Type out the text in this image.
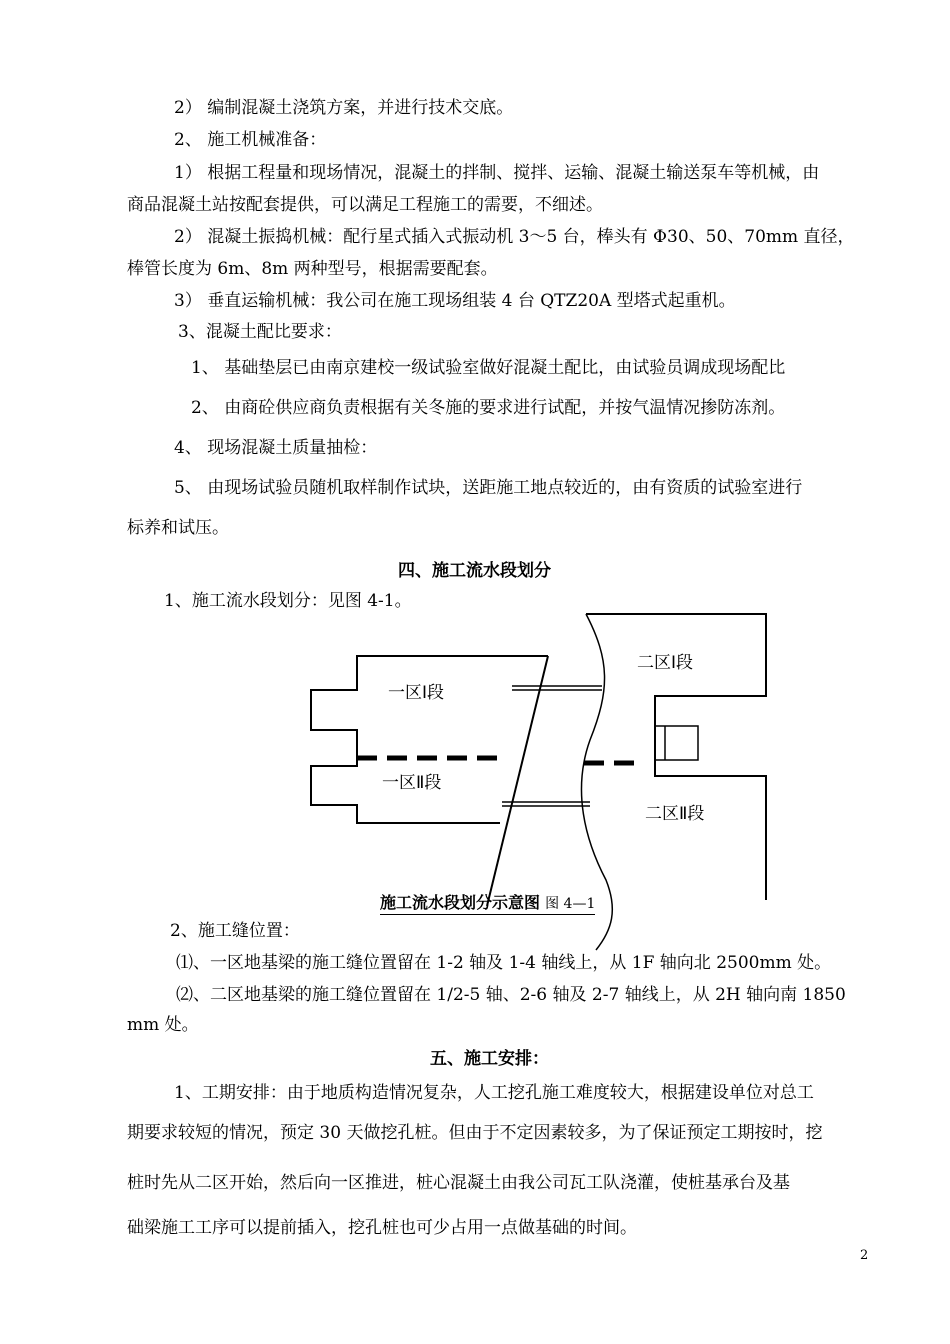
2） 编制混凝土浇筑方案，并进行技术交底。
2、 施工机械准备：
1） 根据工程量和现场情况，混凝土的拌制、搅拌、运输、混凝土输送泵车等机械，由
商品混凝土站按配套提供，可以满足工程施工的需要，不细述。
2） 混凝土振捣机械：配行星式插入式振动机 3～5 台，棒头有 Φ30、50、70mm 直径，
棒管长度为 6m、8m 两种型号，根据需要配套。
3） 垂直运输机械：我公司在施工现场组装 4 台 QTZ20A 型塔式起重机。
3、混凝土配比要求：
1、 基础垫层已由南京建校一级试验室做好混凝土配比，由试验员调成现场配比
2、 由商砼供应商负责根据有关冬施的要求进行试配，并按气温情况掺防冻剂。
4、 现场混凝土质量抽检：
5、 由现场试验员随机取样制作试块，送距施工地点较近的，由有资质的试验室进行
标养和试压。
四、施工流水段划分
1、施工流水段划分：见图 4-1。
一区Ⅰ段
一区Ⅱ段
二区Ⅰ段
二区Ⅱ段
施工流水段划分示意图 图 4—1
2、施工缝位置：
⑴、一区地基梁的施工缝位置留在 1-2 轴及 1-4 轴线上，从 1F 轴向北 2500mm 处。
⑵、二区地基梁的施工缝位置留在 1/2-5 轴、2-6 轴及 2-7 轴线上，从 2H 轴向南 1850
mm 处。
五、施工安排：
1、工期安排：由于地质构造情况复杂，人工挖孔施工难度较大，根据建设单位对总工
期要求较短的情况，预定 30 天做挖孔桩。但由于不定因素较多，为了保证预定工期按时，挖
桩时先从二区开始，然后向一区推进，桩心混凝土由我公司瓦工队浇灌，使桩基承台及基
础梁施工工序可以提前插入，挖孔桩也可少占用一点做基础的时间。
2
